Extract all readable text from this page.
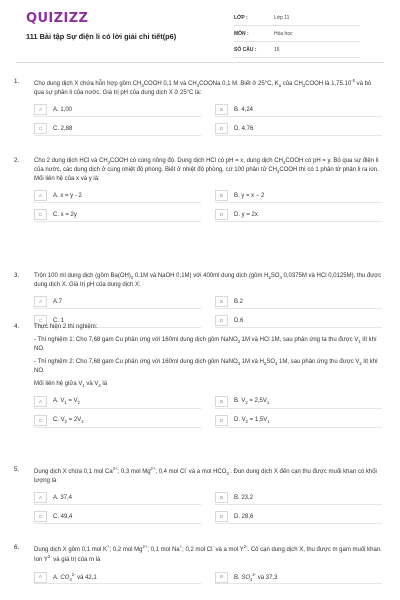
QUIZIZZ
111 Bài tập Sự điện li có lời giải chi tiết(p6)
LỚP :	Lớp 11
MÔN :	Hóa học
SỐ CÂU :	15
1.	Cho dung dịch X chứa hỗn hợp gồm $CH_3COOH$ 0,1 M và $CH_3COONa$ 0,1 M. Biết ở 25°C, $K_a$ của $CH_3COOH$ là $1,75.10^{-5}$ và bỏ qua sự phân li của nước. Giá trị pH của dung dịch X ở 25°C là:

A	A. 1,00	B	B. 4,24
C	C. 2,88	D	D. 4,76
2.	Cho 2 dung dịch HCl và $CH_3COOH$ có cùng nồng độ. Dung dịch HCl có pH = x, dung dịch $CH_3COOH$ có pH = y. Bỏ qua sự điện li của nước, các dung dịch ở cùng nhiệt độ phòng. Biết ở nhiệt độ phòng, cứ 100 phân tử $CH_3COOH$ thì có 1 phân tử phân li ra ion. Mối liên hệ của x và y là:

A	A. x = y - 2	B	B. y = x − 2
C	C. x = 2y	D	D. y = 2x
3.	Trộn 100 ml dung dịch (gồm $Ba(OH)_2$ 0,1M và NaOH 0,1M) với 400ml dung dịch (gồm $H_2SO_4$ 0,0375M và HCl 0,0125M), thu được dung dịch X. Giá trị pH của dung dịch X:

A	A.7	B	B.2
C	C. 1	D	D.6
4.	Thực hiện 2 thí nghiệm:

- Thí nghiệm 1: Cho 7,68 gam Cu phản ứng với 160ml dung dịch gồm NaNO$_3$ 1M và HCl 1M, sau phản ứng ta thu được $V_1$ lít khí NO.

- Thí nghiệm 2: Cho 7,68 gam Cu phản ứng với 160ml dung dịch gồm NaNO$_3$ 1M và $H_2SO_4$ 1M, sau phản ứng thu được $V_2$ lít khí NO.

Mối liên hệ giữa $V_1$ và $V_2$ là

A	A. $V_1 = V_2$	B	B. $V_2 = 2,5V_1$
C	C. $V_2 = 2V_1$	D	D. $V_2 = 1,5V_1$
5.	Dung dịch X chứa 0,1 mol $Ca^{2+}$; 0,3 mol $Mg^{2+}$; 0,4 mol Cl- và a mol $HCO_3^-$. Đun dung dịch X đến cạn thu được muối khan có khối lượng là

A	A. 37,4	B	B. 23,2
C	C. 49,4	D	D. 28,6
6.	Dung dịch X gồm 0,1 mol K+; 0,2 mol $Mg^{2+}$; 0,1 mol Na+; 0,2 mol Cl- và a mol $Y^{2-}$. Cô cạn dung dịch X, thu được m gam muối khan. Ion $Y^{2-}$ và giá trị của m là

A	A. $CO_3^{2-}$ và 42,1	B	B. $SO_4^{2-}$ và 37,3
